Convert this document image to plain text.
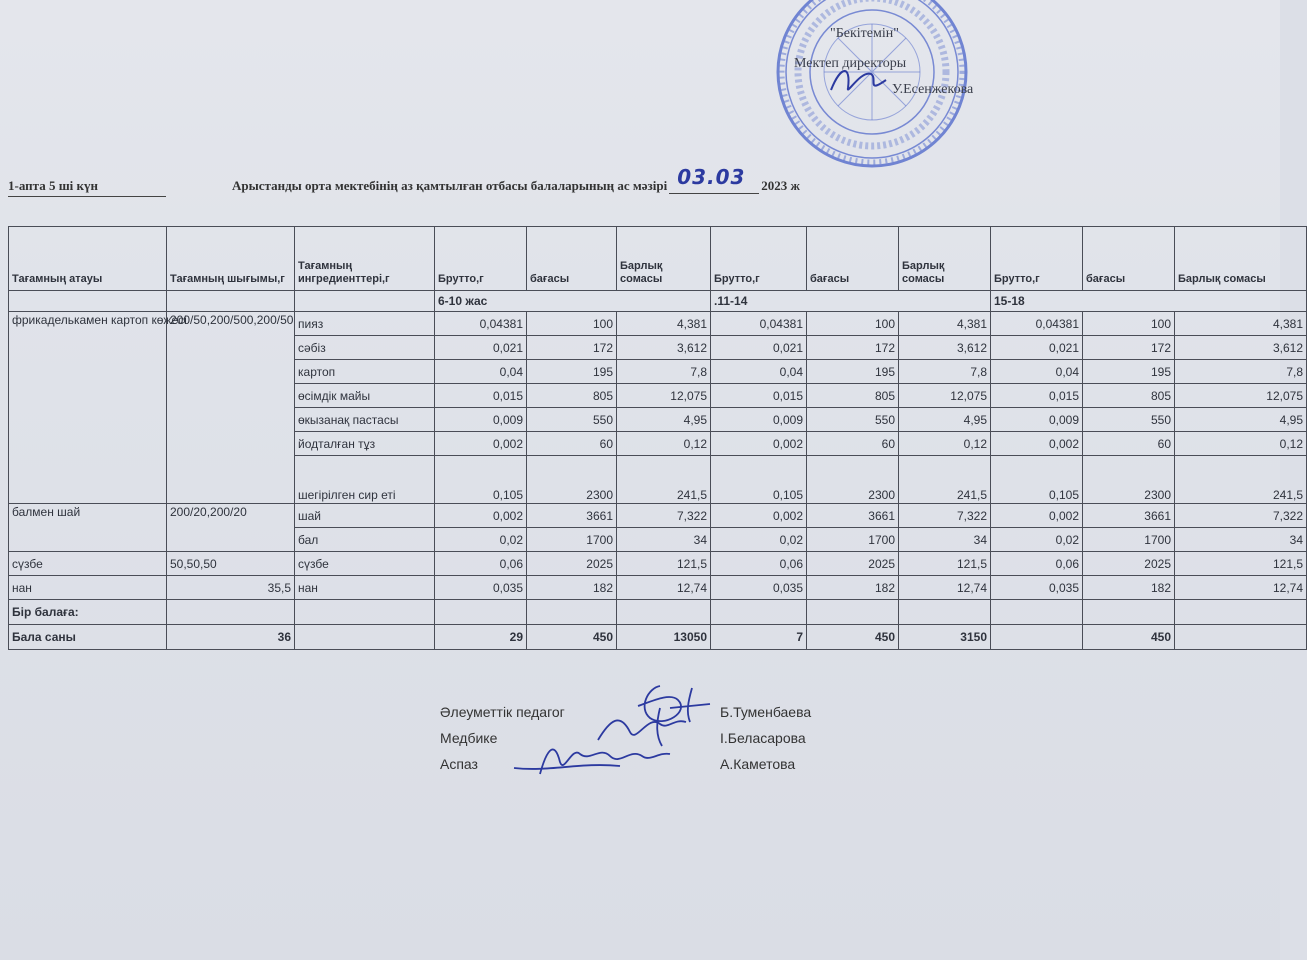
"Бекітемін"
Мектеп директоры
У.Есенжекова
1-апта 5 ші күн	Арыстанды орта мектебінің аз қамтылған отбасы балаларының ас мәзірі 03.03 2023 ж
Тағамның атауы	Тағамның шығымы,г	Тағамның ингредиенттері,г	Брутто,г	бағасы	Барлық сомасы	Брутто,г	бағасы	Барлық сомасы	Брутто,г	бағасы	Барлық сомасы
			6-10 жас			.11-14			15-18		
фрикаделькамен картоп көжесі	200/50,200/500,200/50	пияз	0,04381	100	4,381	0,04381	100	4,381	0,04381	100	4,381
		сәбіз	0,021	172	3,612	0,021	172	3,612	0,021	172	3,612
		картоп	0,04	195	7,8	0,04	195	7,8	0,04	195	7,8
		өсімдік майы	0,015	805	12,075	0,015	805	12,075	0,015	805	12,075
		өкызанақ пастасы	0,009	550	4,95	0,009	550	4,95	0,009	550	4,95
		йодталған тұз	0,002	60	0,12	0,002	60	0,12	0,002	60	0,12
		шегірілген сир еті	0,105	2300	241,5	0,105	2300	241,5	0,105	2300	241,5
балмен шай	200/20,200/20	шай	0,002	3661	7,322	0,002	3661	7,322	0,002	3661	7,322
		бал	0,02	1700	34	0,02	1700	34	0,02	1700	34
сүзбе	50,50,50	сүзбе	0,06	2025	121,5	0,06	2025	121,5	0,06	2025	121,5
нан	35,5	нан	0,035	182	12,74	0,035	182	12,74	0,035	182	12,74
Бір балаға:											
Бала саны	36		29	450	13050	7	450	3150		450	
Әлеуметтік педагог	Б.Туменбаева
Медбике	І.Беласарова
Аспаз	А.Каметова
